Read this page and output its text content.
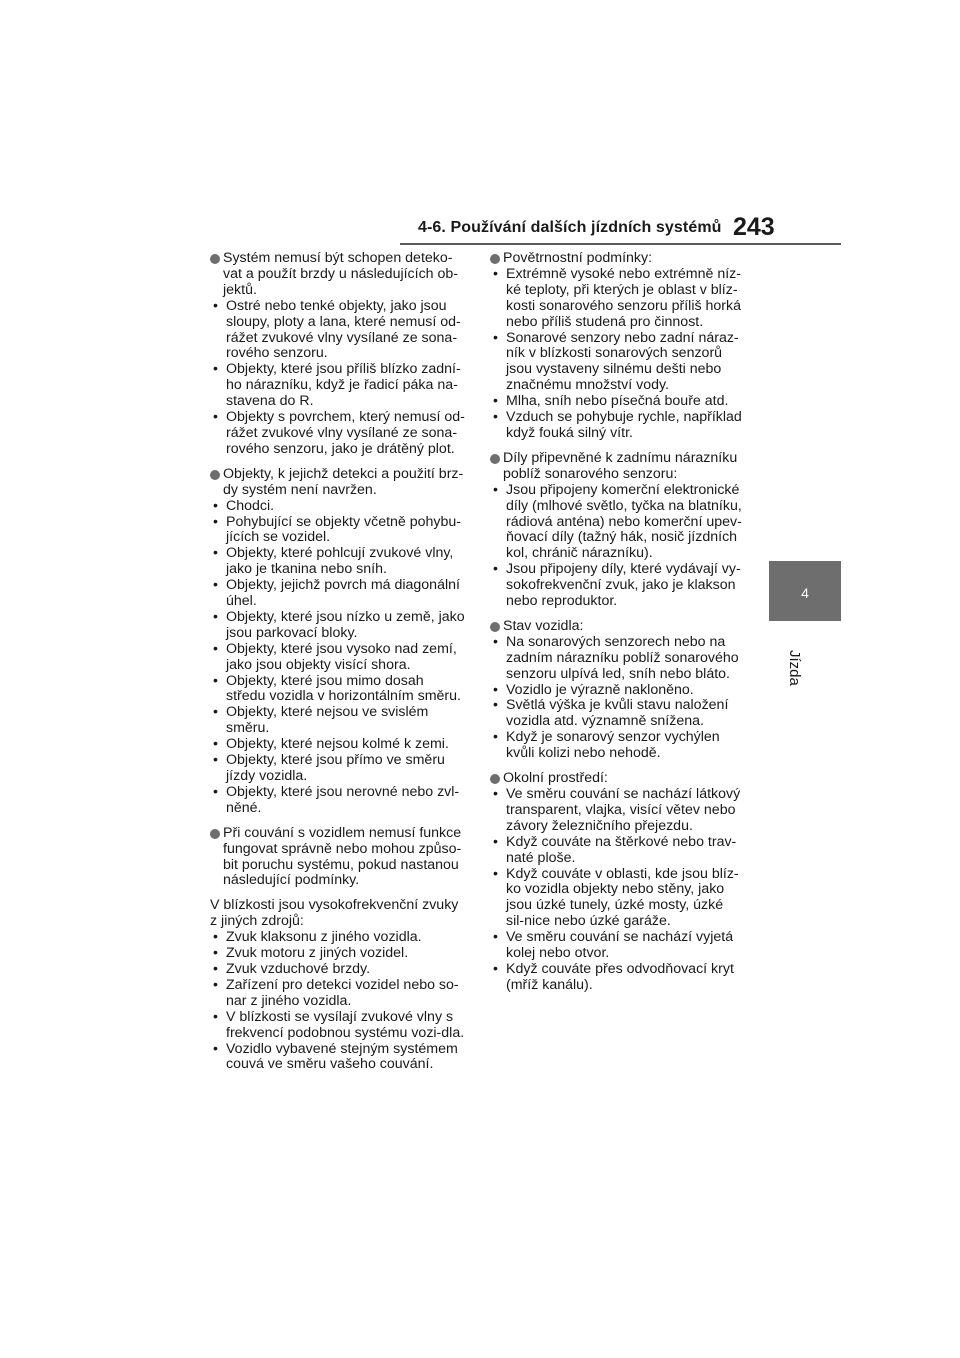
4-6. Používání dalších jízdních systémů 243
4
Jízda
Systém nemusí být schopen deteko-vat a použít brzdy u následujících ob-jektů.
• Ostré nebo tenké objekty, jako jsou sloupy, ploty a lana, které nemusí od-rážet zvukové vlny vysílané ze sona-rového senzoru.
• Objekty, které jsou příliš blízko zadní-ho nárazníku, když je řadicí páka na-stavena do R.
• Objekty s povrchem, který nemusí od-rážet zvukové vlny vysílané ze sona-rového senzoru, jako je drátěný plot.
Objekty, k jejichž detekci a použití brz-dy systém není navržen.
• Chodci.
• Pohybující se objekty včetně pohybu-jících se vozidel.
• Objekty, které pohlcují zvukové vlny, jako je tkanina nebo sníh.
• Objekty, jejichž povrch má diagonální úhel.
• Objekty, které jsou nízko u země, jako jsou parkovací bloky.
• Objekty, které jsou vysoko nad zemí, jako jsou objekty visící shora.
• Objekty, které jsou mimo dosah středu vozidla v horizontálním směru.
• Objekty, které nejsou ve svislém směru.
• Objekty, které nejsou kolmé k zemi.
• Objekty, které jsou přímo ve směru jízdy vozidla.
• Objekty, které jsou nerovné nebo zvl-něné.
Při couvání s vozidlem nemusí funkce fungovat správně nebo mohou způso-bit poruchu systému, pokud nastanou následující podmínky.

V blízkosti jsou vysokofrekvenční zvuky z jiných zdrojů:

• Zvuk klaksonu z jiného vozidla.
• Zvuk motoru z jiných vozidel.
• Zvuk vzduchové brzdy.
• Zařízení pro detekci vozidel nebo so-nar z jiného vozidla.
• V blízkosti se vysílají zvukové vlny s frekvencí podobnou systému vozi-dla.
• Vozidlo vybavené stejným systémem couvá ve směru vašeho couvání.
Povětrnostní podmínky:
• Extrémně vysoké nebo extrémně níz-ké teploty, při kterých je oblast v blíz-kosti sonarového senzoru příliš horká nebo příliš studená pro činnost.
• Sonarové senzory nebo zadní náraz-ník v blízkosti sonarových senzorů jsou vystaveny silnému dešti nebo značnému množství vody.
• Mlha, sníh nebo písečná bouře atd.
• Vzduch se pohybuje rychle, například když fouká silný vítr.
Díly připevněné k zadnímu nárazníku poblíž sonarového senzoru:
• Jsou připojeny komerční elektronické díly (mlhové světlo, tyčka na blatníku, rádiová anténa) nebo komerční upev-ňovací díly (tažný hák, nosič jízdních kol, chránič nárazníku).
• Jsou připojeny díly, které vydávají vy-sokofrekvenční zvuk, jako je klakson nebo reproduktor.
Stav vozidla:
• Na sonarových senzorech nebo na zadním nárazníku poblíž sonarového senzoru ulpívá led, sníh nebo bláto.
• Vozidlo je výrazně nakloněno.
• Světlá výška je kvůli stavu naložení vozidla atd. významně snížena.
• Když je sonarový senzor vychýlen kvůli kolizi nebo nehodě.
Okolní prostředí:
• Ve směru couvání se nachází látkový transparent, vlajka, visící větev nebo závory železničního přejezdu.
• Když couváte na štěrkové nebo trav-naté ploše.
• Když couváte v oblasti, kde jsou blíz-ko vozidla objekty nebo stěny, jako jsou úzké tunely, úzké mosty, úzké sil-nice nebo úzké garáže.
• Ve směru couvání se nachází vyjetá kolej nebo otvor.
• Když couváte přes odvodňovací kryt (mříž kanálu).
